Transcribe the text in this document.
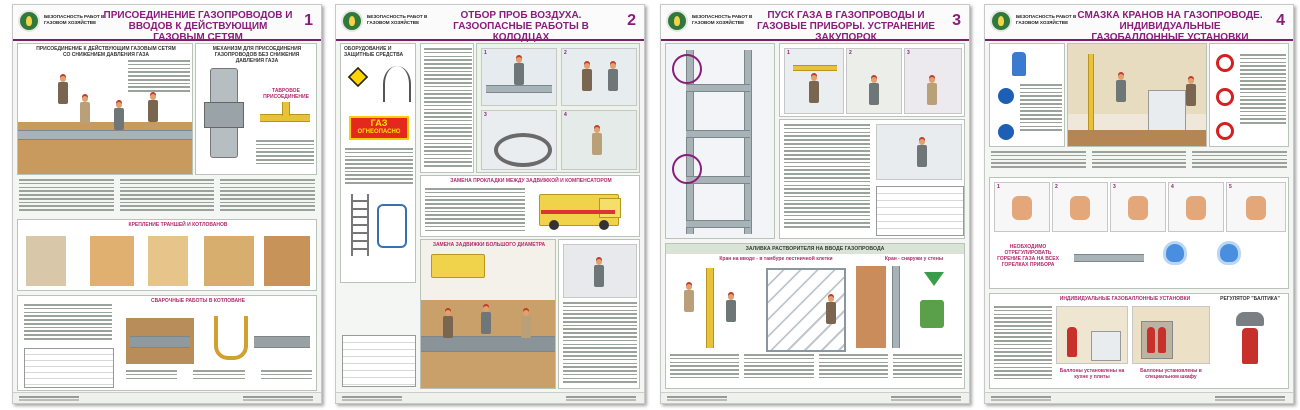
БЕЗОПАСНОСТЬ РАБОТ В ГАЗОВОМ ХОЗЯЙСТВЕ
ПРИСОЕДИНЕНИЕ ГАЗОПРОВОДОВ И ВВОДОВ К ДЕЙСТВУЮЩИМ ГАЗОВЫМ СЕТЯМ
1
ПРИСОЕДИНЕНИЕ К ДЕЙСТВУЮЩИМ ГАЗОВЫМ СЕТЯМ СО СНИЖЕНИЕМ ДАВЛЕНИЯ ГАЗА
МЕХАНИЗМ ДЛЯ ПРИСОЕДИНЕНИЯ ГАЗОПРОВОДОВ БЕЗ СНИЖЕНИЯ ДАВЛЕНИЯ ГАЗА
ТАВРОВОЕ ПРИСОЕДИНЕНИЕ
КРЕПЛЕНИЕ ТРАНШЕЙ И КОТЛОВАНОВ
СВАРОЧНЫЕ РАБОТЫ В КОТЛОВАНЕ
БЕЗОПАСНОСТЬ РАБОТ В ГАЗОВОМ ХОЗЯЙСТВЕ
ОТБОР ПРОБ ВОЗДУХА. ГАЗООПАСНЫЕ РАБОТЫ В КОЛОДЦАХ
2
ОБОРУДОВАНИЕ И ЗАЩИТНЫЕ СРЕДСТВА
ГАЗ
ОГНЕОПАСНО
1	2
3	4
ЗАМЕНА ПРОКЛАДКИ МЕЖДУ ЗАДВИЖКОЙ И КОМПЕНСАТОРОМ
ЗАМЕНА ЗАДВИЖКИ БОЛЬШОГО ДИАМЕТРА
БЕЗОПАСНОСТЬ РАБОТ В ГАЗОВОМ ХОЗЯЙСТВЕ
ПУСК ГАЗА В ГАЗОПРОВОДЫ И ГАЗОВЫЕ ПРИБОРЫ. УСТРАНЕНИЕ ЗАКУПОРОК
3
1	2	3
ЗАЛИВКА РАСТВОРИТЕЛЯ НА ВВОДЕ ГАЗОПРОВОДА
Кран на вводе - в тамбуре лестничной клетки	Кран - снаружи у стены
БЕЗОПАСНОСТЬ РАБОТ В ГАЗОВОМ ХОЗЯЙСТВЕ
СМАЗКА КРАНОВ НА ГАЗОПРОВОДЕ. ИНДИВИДУАЛЬНЫЕ ГАЗОБАЛЛОННЫЕ УСТАНОВКИ
4
1	2	3	4	5
НЕОБХОДИМО ОТРЕГУЛИРОВАТЬ ГОРЕНИЕ ГАЗА НА ВСЕХ ГОРЕЛКАХ ПРИБОРА
ИНДИВИДУАЛЬНЫЕ ГАЗОБАЛЛОННЫЕ УСТАНОВКИ	РЕГУЛЯТОР "БАЛТИКА"
Баллоны установлены на кухне у плиты
Баллоны установлены в специальном шкафу
